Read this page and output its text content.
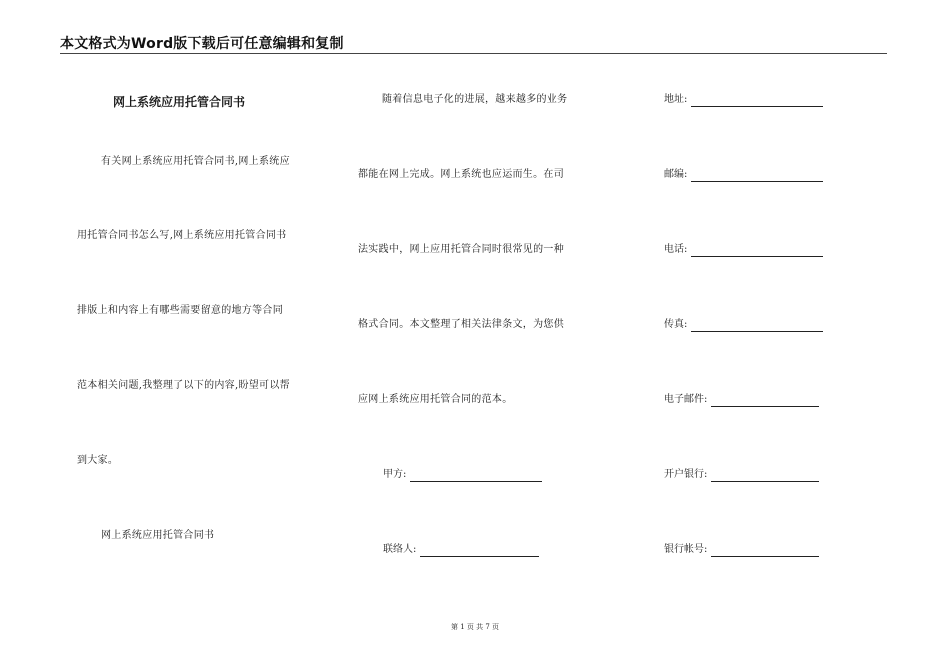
本文格式为Word版下载后可任意编辑和复制
网上系统应用托管合同书
有关网上系统应用托管合同书,网上系统应
用托管合同书怎么写,网上系统应用托管合同书
排版上和内容上有哪些需要留意的地方等合同
范本相关问题,我整理了以下的内容,盼望可以帮
到大家。
网上系统应用托管合同书
随着信息电子化的进展，越来越多的业务
都能在网上完成。网上系统也应运而生。在司
法实践中，网上应用托管合同时很常见的一种
格式合同。本文整理了相关法律条文，为您供
应网上系统应用托管合同的范本。
甲方:
联络人:
地址:
邮编:
电话:
传真:
电子邮件:
开户银行:
银行帐号:
第 1 页 共 7 页
